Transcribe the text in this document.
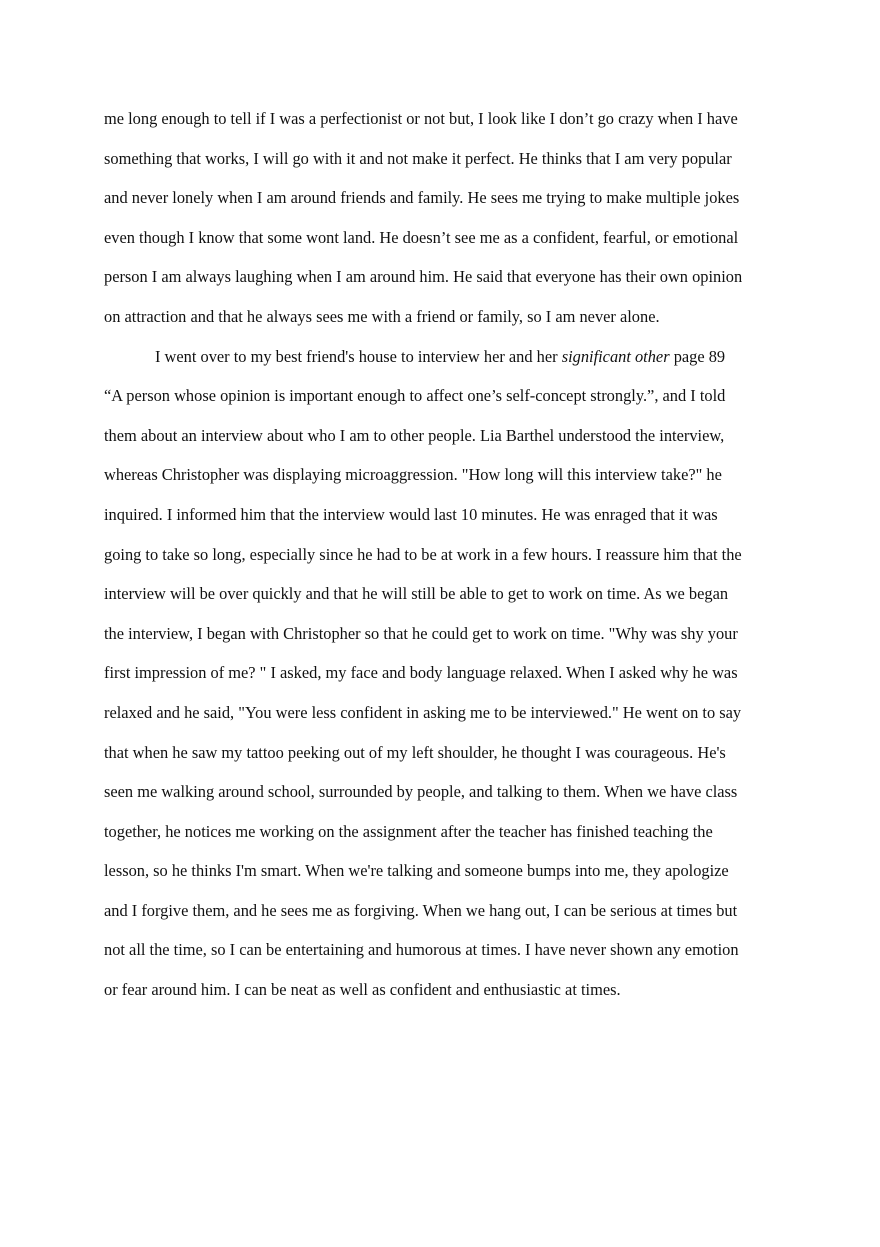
me long enough to tell if I was a perfectionist or not but, I look like I don’t go crazy when I have
something that works, I will go with it and not make it perfect. He thinks that I am very popular
and never lonely when I am around friends and family. He sees me trying to make multiple jokes
even though I know that some wont land. He doesn’t see me as a confident, fearful, or emotional
person I am always laughing when I am around him. He said that everyone has their own opinion
on attraction and that he always sees me with a friend or family, so I am never alone.
I went over to my best friend's house to interview her and her significant other page 89
“A person whose opinion is important enough to affect one’s self-concept strongly.”, and I told
them about an interview about who I am to other people. Lia Barthel understood the interview,
whereas Christopher was displaying microaggression. "How long will this interview take?" he
inquired. I informed him that the interview would last 10 minutes. He was enraged that it was
going to take so long, especially since he had to be at work in a few hours. I reassure him that the
interview will be over quickly and that he will still be able to get to work on time. As we began
the interview, I began with Christopher so that he could get to work on time. "Why was shy your
first impression of me? " I asked, my face and body language relaxed. When I asked why he was
relaxed and he said, "You were less confident in asking me to be interviewed." He went on to say
that when he saw my tattoo peeking out of my left shoulder, he thought I was courageous. He's
seen me walking around school, surrounded by people, and talking to them. When we have class
together, he notices me working on the assignment after the teacher has finished teaching the
lesson, so he thinks I'm smart. When we're talking and someone bumps into me, they apologize
and I forgive them, and he sees me as forgiving. When we hang out, I can be serious at times but
not all the time, so I can be entertaining and humorous at times. I have never shown any emotion
or fear around him. I can be neat as well as confident and enthusiastic at times.
